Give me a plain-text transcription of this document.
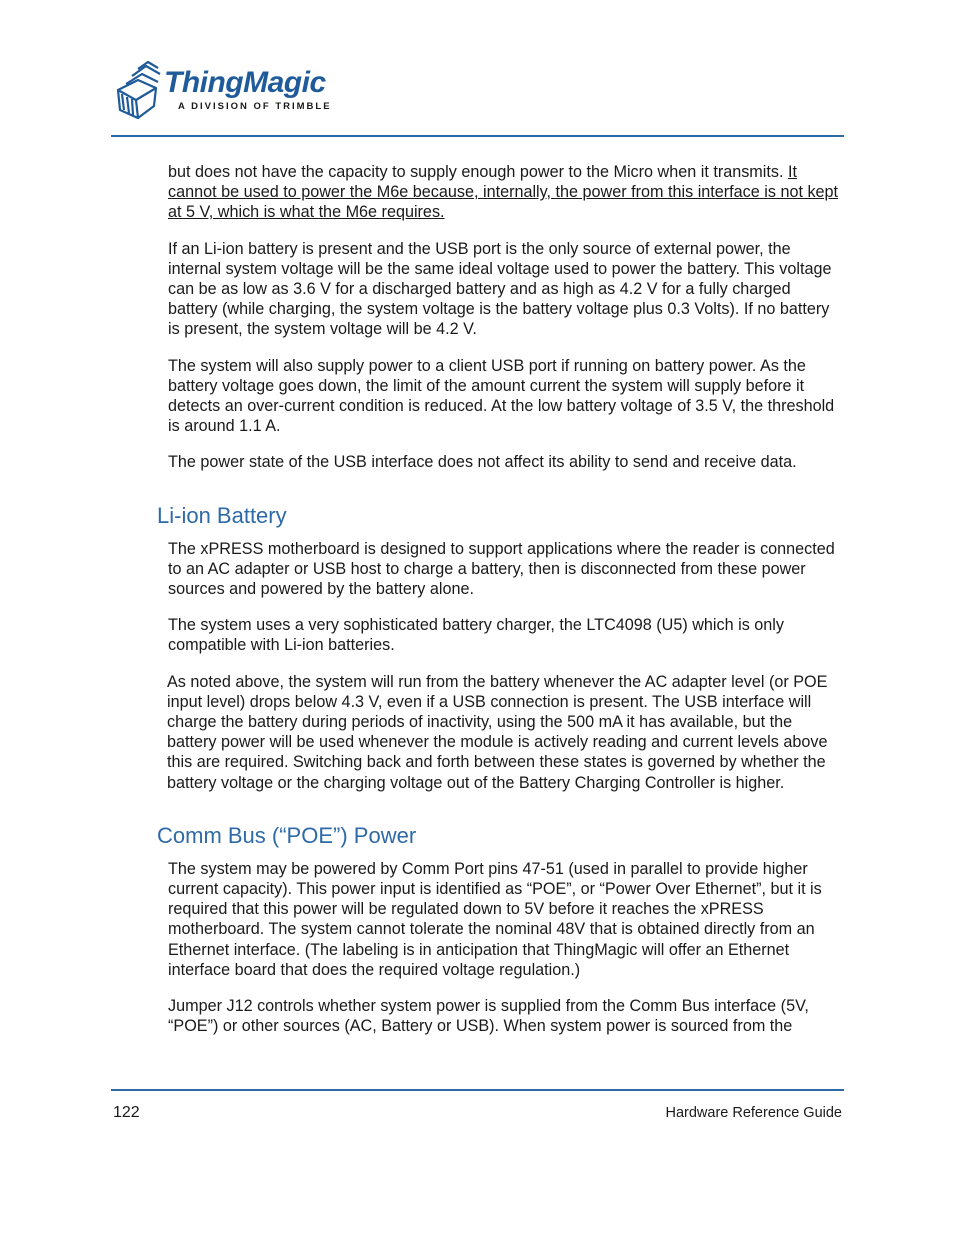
ThingMagic
A DIVISION OF TRIMBLE

but does not have the capacity to supply enough power to the Micro when it transmits. It cannot be used to power the M6e because, internally, the power from this interface is not kept at 5 V, which is what the M6e requires.

If an Li-ion battery is present and the USB port is the only source of external power, the internal system voltage will be the same ideal voltage used to power the battery. This voltage can be as low as 3.6 V for a discharged battery and as high as 4.2 V for a fully charged battery (while charging, the system voltage is the battery voltage plus 0.3 Volts). If no battery is present, the system voltage will be 4.2 V.

The system will also supply power to a client USB port if running on battery power. As the battery voltage goes down, the limit of the amount current the system will supply before it detects an over-current condition is reduced. At the low battery voltage of 3.5 V, the threshold is around 1.1 A.

The power state of the USB interface does not affect its ability to send and receive data.

Li-ion Battery

The xPRESS motherboard is designed to support applications where the reader is connected to an AC adapter or USB host to charge a battery, then is disconnected from these power sources and powered by the battery alone.

The system uses a very sophisticated battery charger, the LTC4098 (U5) which is only compatible with Li-ion batteries.

As noted above, the system will run from the battery whenever the AC adapter level (or POE input level) drops below 4.3 V, even if a USB connection is present. The USB interface will charge the battery during periods of inactivity, using the 500 mA it has available, but the battery power will be used whenever the module is actively reading and current levels above this are required. Switching back and forth between these states is governed by whether the battery voltage or the charging voltage out of the Battery Charging Controller is higher.

Comm Bus (“POE”) Power

The system may be powered by Comm Port pins 47-51 (used in parallel to provide higher current capacity). This power input is identified as “POE”, or “Power Over Ethernet”, but it is required that this power will be regulated down to 5V before it reaches the xPRESS motherboard. The system cannot tolerate the nominal 48V that is obtained directly from an Ethernet interface. (The labeling is in anticipation that ThingMagic will offer an Ethernet interface board that does the required voltage regulation.)

Jumper J12 controls whether system power is supplied from the Comm Bus interface (5V, “POE”) or other sources (AC, Battery or USB). When system power is sourced from the

122	Hardware Reference Guide
